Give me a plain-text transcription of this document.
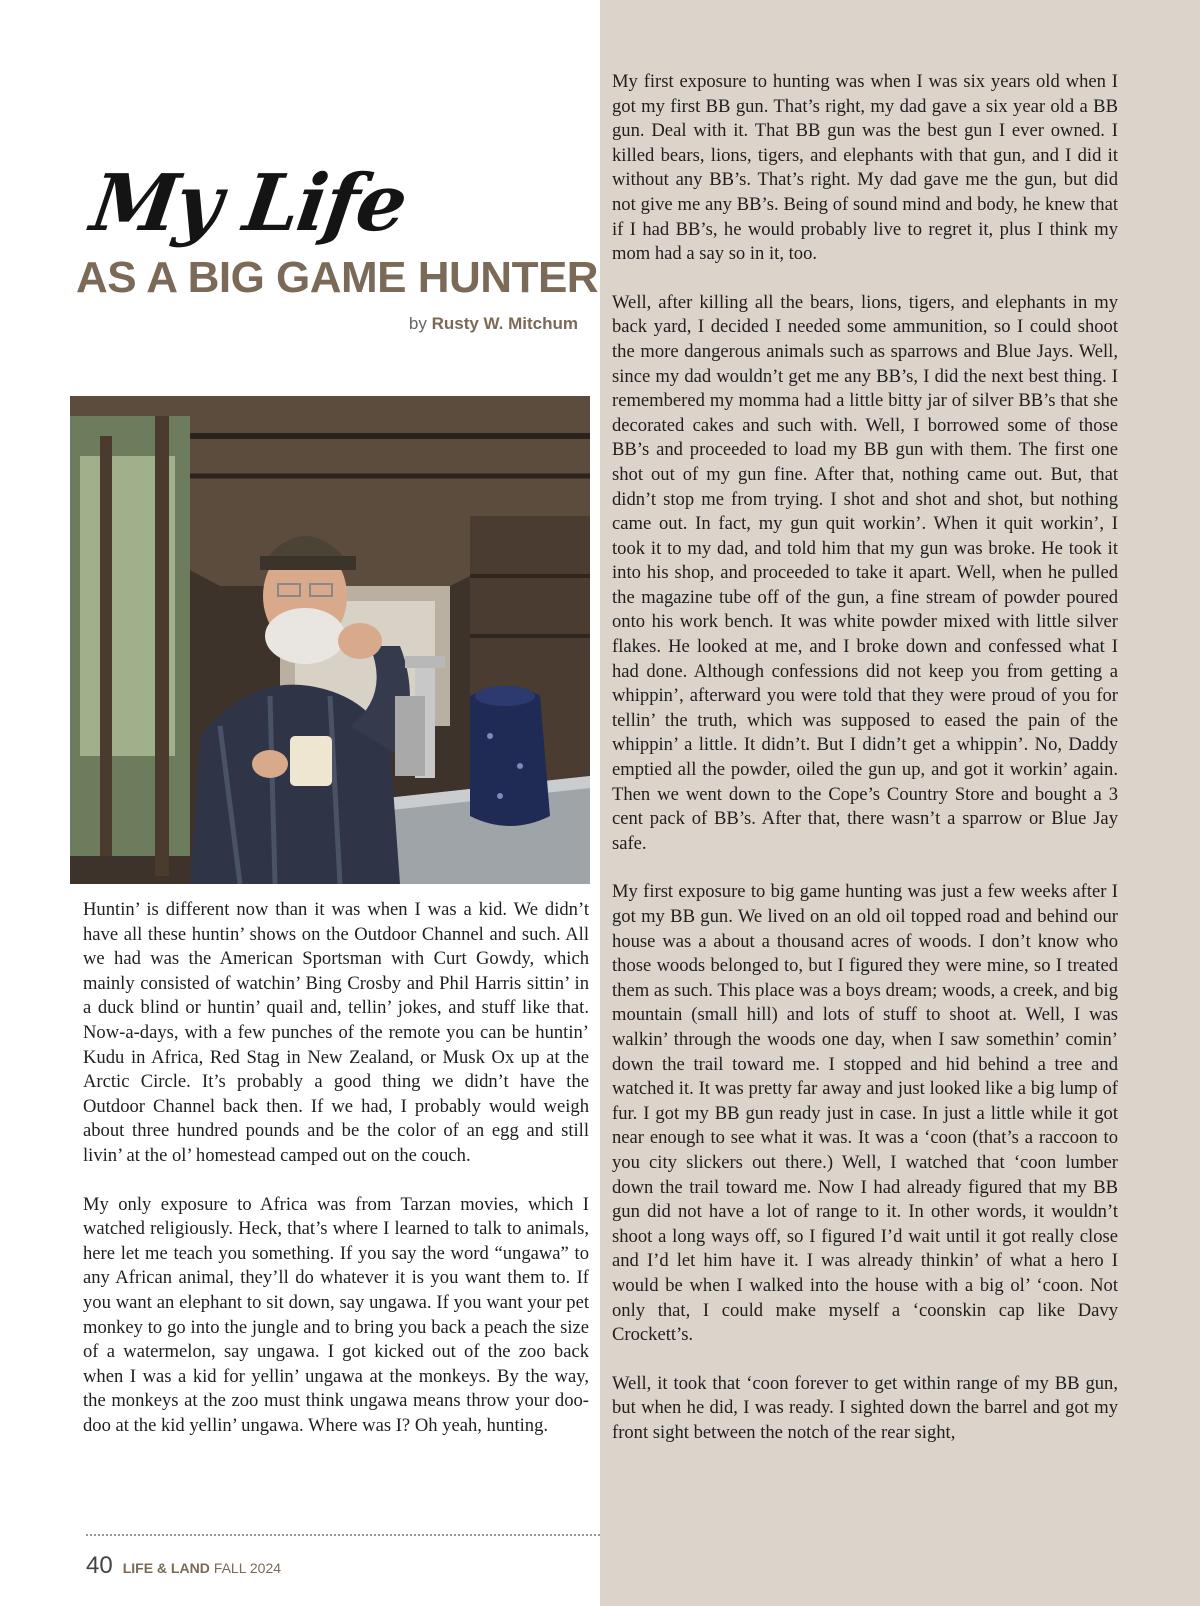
My Life
AS A BIG GAME HUNTER
by Rusty W. Mitchum

Huntin’ is different now than it was when I was a kid. We didn’t have all these huntin’ shows on the Outdoor Channel and such. All we had was the American Sportsman with Curt Gowdy, which mainly consisted of watchin’ Bing Crosby and Phil Harris sittin’ in a duck blind or huntin’ quail and, tellin’ jokes, and stuff like that. Now-a-days, with a few punches of the remote you can be huntin’ Kudu in Africa, Red Stag in New Zealand, or Musk Ox up at the Arctic Circle. It’s probably a good thing we didn’t have the Outdoor Channel back then. If we had, I probably would weigh about three hundred pounds and be the color of an egg and still livin’ at the ol’ homestead camped out on the couch.

My only exposure to Africa was from Tarzan movies, which I watched religiously. Heck, that’s where I learned to talk to animals, here let me teach you something. If you say the word “ungawa” to any African animal, they’ll do whatever it is you want them to. If you want an elephant to sit down, say ungawa. If you want your pet monkey to go into the jungle and to bring you back a peach the size of a watermelon, say ungawa. I got kicked out of the zoo back when I was a kid for yellin’ ungawa at the monkeys. By the way, the monkeys at the zoo must think ungawa means throw your doo-doo at the kid yellin’ ungawa. Where was I? Oh yeah, hunting.

My first exposure to hunting was when I was six years old when I got my first BB gun. That’s right, my dad gave a six year old a BB gun. Deal with it. That BB gun was the best gun I ever owned. I killed bears, lions, tigers, and elephants with that gun, and I did it without any BB’s. That’s right. My dad gave me the gun, but did not give me any BB’s. Being of sound mind and body, he knew that if I had BB’s, he would probably live to regret it, plus I think my mom had a say so in it, too.

Well, after killing all the bears, lions, tigers, and elephants in my back yard, I decided I needed some ammunition, so I could shoot the more dangerous animals such as sparrows and Blue Jays. Well, since my dad wouldn’t get me any BB’s, I did the next best thing. I remembered my momma had a little bitty jar of silver BB’s that she decorated cakes and such with. Well, I borrowed some of those BB’s and proceeded to load my BB gun with them. The first one shot out of my gun fine. After that, nothing came out. But, that didn’t stop me from trying. I shot and shot and shot, but nothing came out. In fact, my gun quit workin’. When it quit workin’, I took it to my dad, and told him that my gun was broke. He took it into his shop, and proceeded to take it apart. Well, when he pulled the magazine tube off of the gun, a fine stream of powder poured onto his work bench. It was white powder mixed with little silver flakes. He looked at me, and I broke down and confessed what I had done. Although confessions did not keep you from getting a whippin’, afterward you were told that they were proud of you for tellin’ the truth, which was supposed to eased the pain of the whippin’ a little. It didn’t. But I didn’t get a whippin’. No, Daddy emptied all the powder, oiled the gun up, and got it workin’ again. Then we went down to the Cope’s Country Store and bought a 3 cent pack of BB’s. After that, there wasn’t a sparrow or Blue Jay safe.

My first exposure to big game hunting was just a few weeks after I got my BB gun. We lived on an old oil topped road and behind our house was a about a thousand acres of woods. I don’t know who those woods belonged to, but I figured they were mine, so I treated them as such. This place was a boys dream; woods, a creek, and big mountain (small hill) and lots of stuff to shoot at. Well, I was walkin’ through the woods one day, when I saw somethin’ comin’ down the trail toward me. I stopped and hid behind a tree and watched it. It was pretty far away and just looked like a big lump of fur. I got my BB gun ready just in case. In just a little while it got near enough to see what it was. It was a ‘coon (that’s a raccoon to you city slickers out there.) Well, I watched that ‘coon lumber down the trail toward me. Now I had already figured that my BB gun did not have a lot of range to it. In other words, it wouldn’t shoot a long ways off, so I figured I’d wait until it got really close and I’d let him have it. I was already thinkin’ of what a hero I would be when I walked into the house with a big ol’ ‘coon. Not only that, I could make myself a ‘coonskin cap like Davy Crockett’s.

Well, it took that ‘coon forever to get within range of my BB gun, but when he did, I was ready. I sighted down the barrel and got my front sight between the notch of the rear sight,

40 LIFE & LAND FALL 2024
